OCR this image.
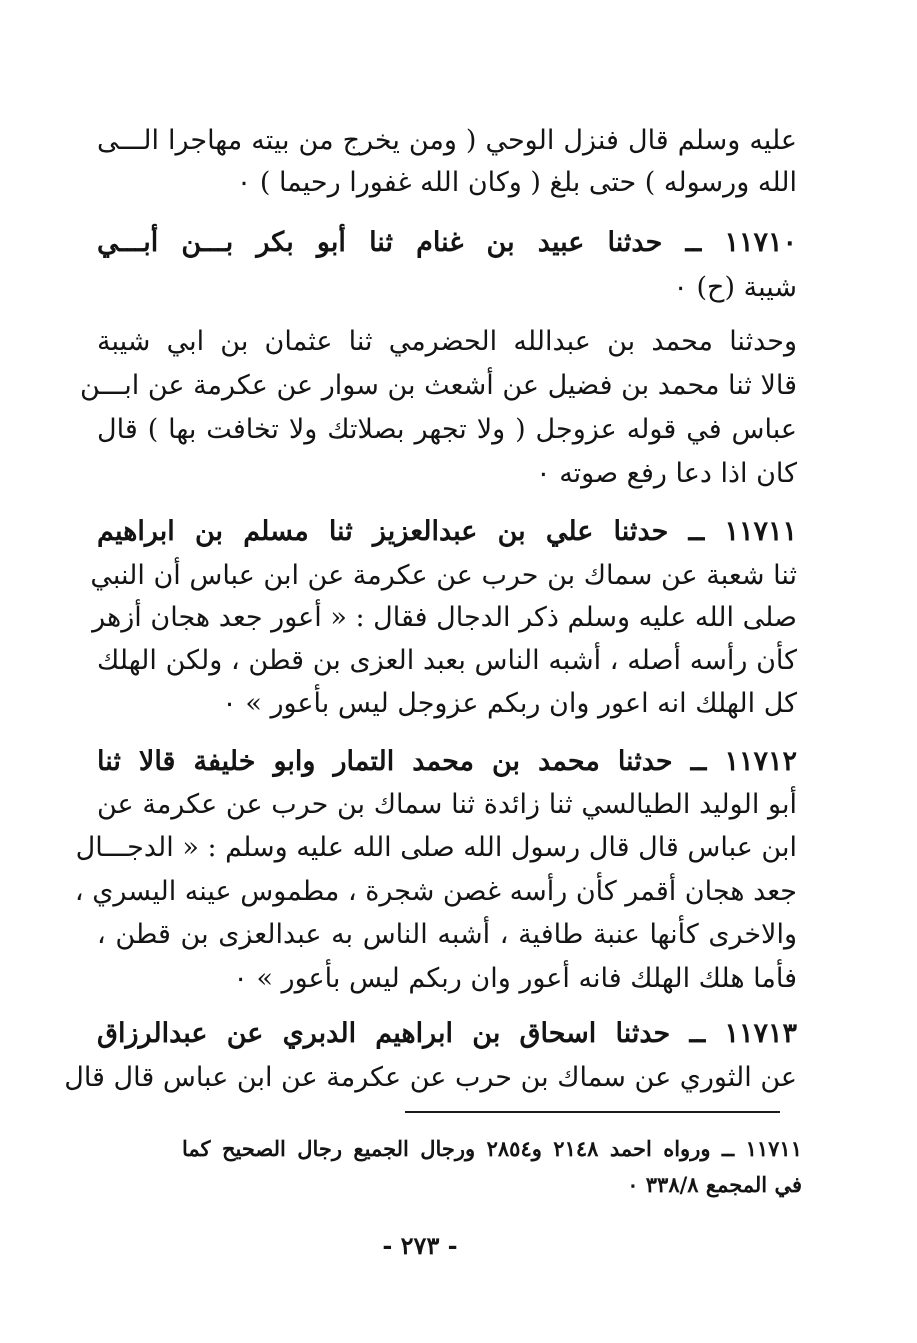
عليه وسلم قال فنزل الوحي ( ومن يخرج من بيته مهاجرا الـــى
الله ورسوله ) حتى بلغ ( وكان الله غفورا رحيما ) ٠
١١٧١٠ ــ حدثنا عبيد بن غنام ثنا أبو بكر بـــن أبـــي
شيبة (ح) ٠
وحدثنا محمد بن عبدالله الحضرمي ثنا عثمان بن ابي شيبة
قالا ثنا محمد بن فضيل عن أشعث بن سوار عن عكرمة عن ابـــن
عباس في قوله عزوجل ( ولا تجهر بصلاتك ولا تخافت بها ) قال
كان اذا دعا رفع صوته ٠
١١٧١١ ــ حدثنا علي بن عبدالعزيز ثنا مسلم بن ابراهيم
ثنا شعبة عن سماك بن حرب عن عكرمة عن ابن عباس أن النبي
صلى الله عليه وسلم ذكر الدجال فقال : « أعور جعد هجان أزهر
كأن رأسه أصله ، أشبه الناس بعبد العزى بن قطن ، ولكن الهلك
كل الهلك انه اعور وان ربكم عزوجل ليس بأعور » ٠
١١٧١٢ ــ حدثنا محمد بن محمد التمار وابو خليفة قالا ثنا
أبو الوليد الطيالسي ثنا زائدة ثنا سماك بن حرب عن عكرمة عن
ابن عباس قال قال رسول الله صلى الله عليه وسلم : « الدجـــال
جعد هجان أقمر كأن رأسه غصن شجرة ، مطموس عينه اليسري ،
والاخرى كأنها عنبة طافية ، أشبه الناس به عبدالعزى بن قطن ،
فأما هلك الهلك فانه أعور وان ربكم ليس بأعور » ٠
١١٧١٣ ــ حدثنا اسحاق بن ابراهيم الدبري عن عبدالرزاق
عن الثوري عن سماك بن حرب عن عكرمة عن ابن عباس قال قال
١١٧١١ ــ ورواه احمد ٢١٤٨ و٢٨٥٤ ورجال الجميع رجال الصحيح كما
في المجمع ٣٣٨/٨ ٠
- ٢٧٣ -
